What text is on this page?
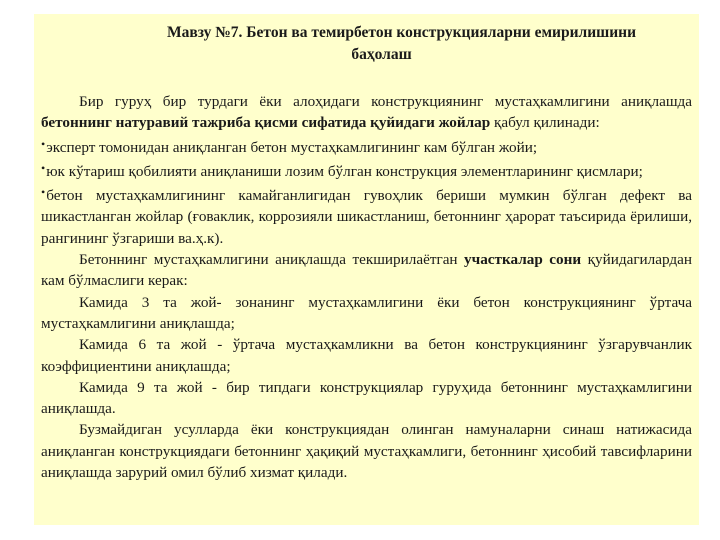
Мавзу №7. Бетон ва темирбетон конструкцияларни емирилишини
баҳолаш

Бир гуруҳ бир турдаги ёки алоҳидаги конструкциянинг мустаҳкамлигини аниқлашда бетоннинг натуравий тажриба қисми сифатида қуйидаги жойлар қабул қилинади:

•эксперт томонидан аниқланган бетон мустаҳкамлигининг кам бўлган жойи;

•юк кўтариш қобилияти аниқланиши лозим бўлган конструкция элементларининг қисмлари;

•бетон мустаҳкамлигининг камайганлигидан гувоҳлик бериши мумкин бўлган дефект ва шикастланган жойлар (ғоваклик, коррозияли шикастланиш, бетоннинг ҳарорат таъсирида ёрилиши, рангининг ўзгариши ва.ҳ.к).

Бетоннинг мустаҳкамлигини аниқлашда текширилаётган участкалар сони қуйидагилардан кам бўлмаслиги керак:

Камида 3 та жой- зонанинг мустаҳкамлигини ёки бетон конструкциянинг ўртача мустаҳкамлигини аниқлашда;

Камида 6 та жой - ўртача мустаҳкамликни ва бетон конструкциянинг ўзгарувчанлик коэффициентини аниқлашда;

Камида 9 та жой - бир типдаги конструкциялар гуруҳида бетоннинг мустаҳкамлигини аниқлашда.

Бузмайдиган усулларда ёки конструкциядан олинган намуналарни синаш натижасида аниқланган конструкциядаги бетоннинг ҳақиқий мустаҳкамлиги, бетоннинг ҳисобий тавсифларини аниқлашда зарурий омил бўлиб хизмат қилади.
